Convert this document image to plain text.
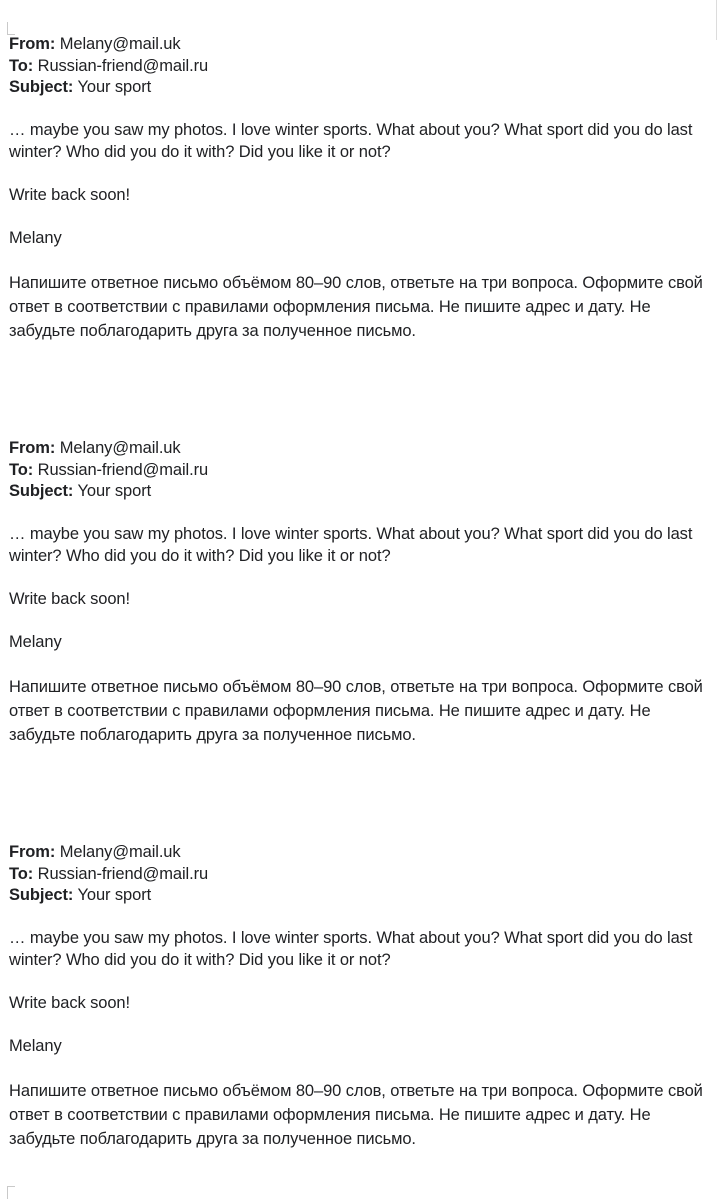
From: Melany@mail.uk
To: Russian-friend@mail.ru
Subject: Your sport

… maybe you saw my photos. I love winter sports. What about you? What sport did you do last winter? Who did you do it with? Did you like it or not?

Write back soon!

Melany

Напишите ответное письмо объёмом 80–90 слов, ответьте на три вопроса. Оформите свой ответ в соответствии с правилами оформления письма. Не пишите адрес и дату. Не забудьте поблагодарить друга за полученное письмо.

From: Melany@mail.uk
To: Russian-friend@mail.ru
Subject: Your sport

… maybe you saw my photos. I love winter sports. What about you? What sport did you do last winter? Who did you do it with? Did you like it or not?

Write back soon!

Melany

Напишите ответное письмо объёмом 80–90 слов, ответьте на три вопроса. Оформите свой ответ в соответствии с правилами оформления письма. Не пишите адрес и дату. Не забудьте поблагодарить друга за полученное письмо.

From: Melany@mail.uk
To: Russian-friend@mail.ru
Subject: Your sport

… maybe you saw my photos. I love winter sports. What about you? What sport did you do last winter? Who did you do it with? Did you like it or not?

Write back soon!

Melany

Напишите ответное письмо объёмом 80–90 слов, ответьте на три вопроса. Оформите свой ответ в соответствии с правилами оформления письма. Не пишите адрес и дату. Не забудьте поблагодарить друга за полученное письмо.
